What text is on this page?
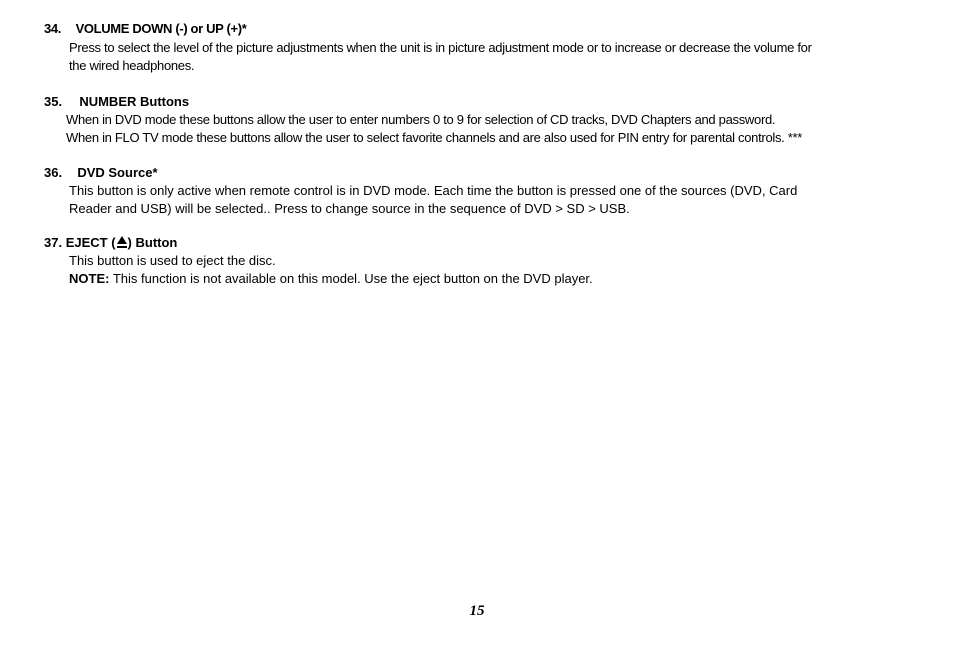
34. VOLUME DOWN (-) or UP (+)*
Press to select the level of the picture adjustments when the unit is in picture adjustment mode or to increase or decrease the volume for
the wired headphones.
35. NUMBER Buttons
When in DVD mode these buttons allow the user to enter numbers 0 to 9 for selection of CD tracks, DVD Chapters and password.
When in FLO TV mode these buttons allow the user to select favorite channels and are also used for PIN entry for parental controls. ***
36. DVD Source*
This button is only active when remote control is in DVD mode. Each time the button is pressed one of the sources (DVD, Card
Reader and USB) will be selected.. Press to change source in the sequence of DVD > SD > USB.
37. EJECT ( ) Button
This button is used to eject the disc.
NOTE: This function is not available on this model. Use the eject button on the DVD player.
15
